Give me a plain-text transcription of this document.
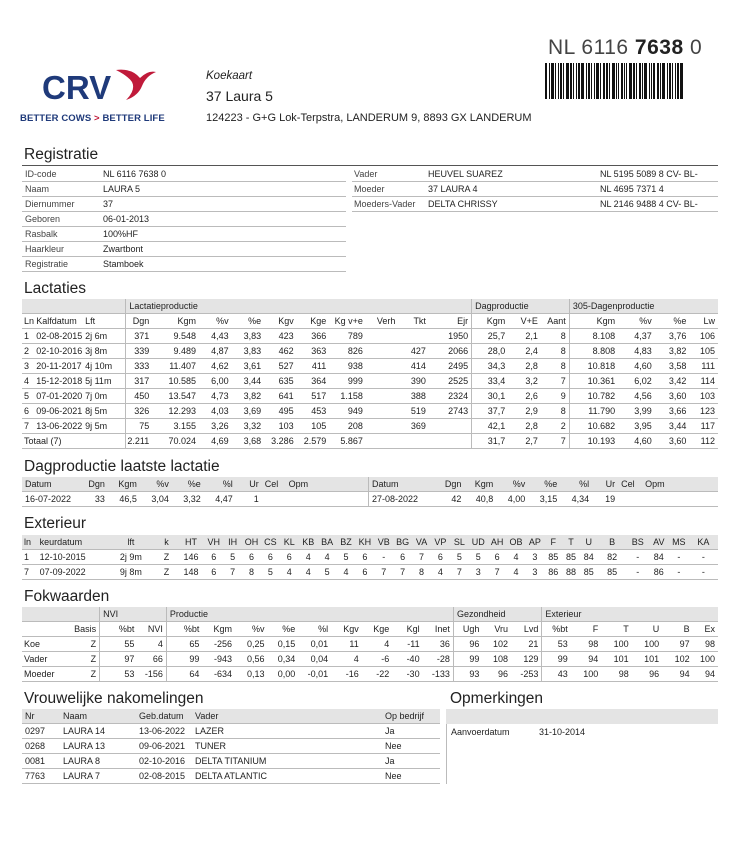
NL 6116 7638 0
CRV
BETTER COWS > BETTER LIFE
Koekaart
37 Laura 5
124223 - G+G Lok-Terpstra, LANDERUM 9, 8893 GX LANDERUM
Registratie
ID-code	NL 6116 7638 0
Naam	LAURA 5
Diernummer	37
Geboren	06-01-2013
Rasbalk	100%HF
Haarkleur	Zwartbont
Registratie	Stamboek
Vader	HEUVEL SUAREZ	NL 5195 5089 8 CV- BL-
Moeder	37 LAURA 4	NL 4695 7371 4
Moeders-Vader	DELTA CHRISSY	NL 2146 9488 4 CV- BL-
Lactaties
			Lactatieproductie										Dagproductie			305-Dagenproductie			
Ln	Kalfdatum	Lft	Dgn	Kgm	%v	%e	Kgv	Kge	Kg v+e	Verh	Tkt	Ejr	Kgm	V+E	Aant	Kgm	%v	%e	Lw
1	02-08-2015	2j 6m	371	9.548	4,43	3,83	423	366	789			1950	25,7	2,1	8	8.108	4,37	3,76	106
2	02-10-2016	3j 8m	339	9.489	4,87	3,83	462	363	826		427	2066	28,0	2,4	8	8.808	4,83	3,82	105
3	20-11-2017	4j 10m	333	11.407	4,62	3,61	527	411	938		414	2495	34,3	2,8	8	10.818	4,60	3,58	111
4	15-12-2018	5j 11m	317	10.585	6,00	3,44	635	364	999		390	2525	33,4	3,2	7	10.361	6,02	3,42	114
5	07-01-2020	7j 0m	450	13.547	4,73	3,82	641	517	1.158		388	2324	30,1	2,6	9	10.782	4,56	3,60	103
6	09-06-2021	8j 5m	326	12.293	4,03	3,69	495	453	949		519	2743	37,7	2,9	8	11.790	3,99	3,66	123
7	13-06-2022	9j 5m	75	3.155	3,26	3,32	103	105	208		369		42,1	2,8	2	10.682	3,95	3,44	117
Totaal (7)			2.211	70.024	4,69	3,68	3.286	2.579	5.867				31,7	2,7	7	10.193	4,60	3,60	112
Dagproductie laatste lactatie
Datum	Dgn	Kgm	%v	%e	%l	Ur	Cel	Opm	Datum	Dgn	Kgm	%v	%e	%l	Ur	Cel	Opm
16-07-2022	33	46,5	3,04	3,32	4,47	1			27-08-2022	42	40,8	4,00	3,15	4,34	19		
Exterieur
ln	keurdatum	lft	k	HT	VH	IH	OH	CS	KL	KB	BA	BZ	KH	VB	BG	VA	VP	SL	UD	AH	OB	AP	F	T	U	B	BS	AV	MS	KA
1	12-10-2015	2j 9m	Z	146	6	5	6	6	6	4	4	5	6	-	6	7	6	5	5	6	4	3	85	85	84	82	-	84	-	-
7	07-09-2022	9j 8m	Z	148	6	7	8	5	4	4	5	4	6	7	7	8	4	7	3	7	4	3	86	88	85	85	-	86	-	-
Fokwaarden
		NVI		Productie									Gezondheid			Exterieur					
	Basis	%bt	NVI	%bt	Kgm	%v	%e	%l	Kgv	Kge	Kgl	Inet	Ugh	Vru	Lvd	%bt	F	T	U	B	Ex
Koe	Z	55	4	65	-256	0,25	0,15	0,01	11	4	-11	36	96	102	21	53	98	100	100	97	98
Vader	Z	97	66	99	-943	0,56	0,34	0,04	4	-6	-40	-28	99	108	129	99	94	101	101	102	100
Moeder	Z	53	-156	64	-634	0,13	0,00	-0,01	-16	-22	-30	-133	93	96	-253	43	100	98	96	94	94
Vrouwelijke nakomelingen
Nr	Naam	Geb.datum	Vader	Op bedrijf
0297	LAURA 14	13-06-2022	LAZER	Ja
0268	LAURA 13	09-06-2021	TUNER	Nee
0081	LAURA 8	02-10-2016	DELTA TITANIUM	Ja
7763	LAURA 7	02-08-2015	DELTA ATLANTIC	Nee
Opmerkingen
Aanvoerdatum	31-10-2014
